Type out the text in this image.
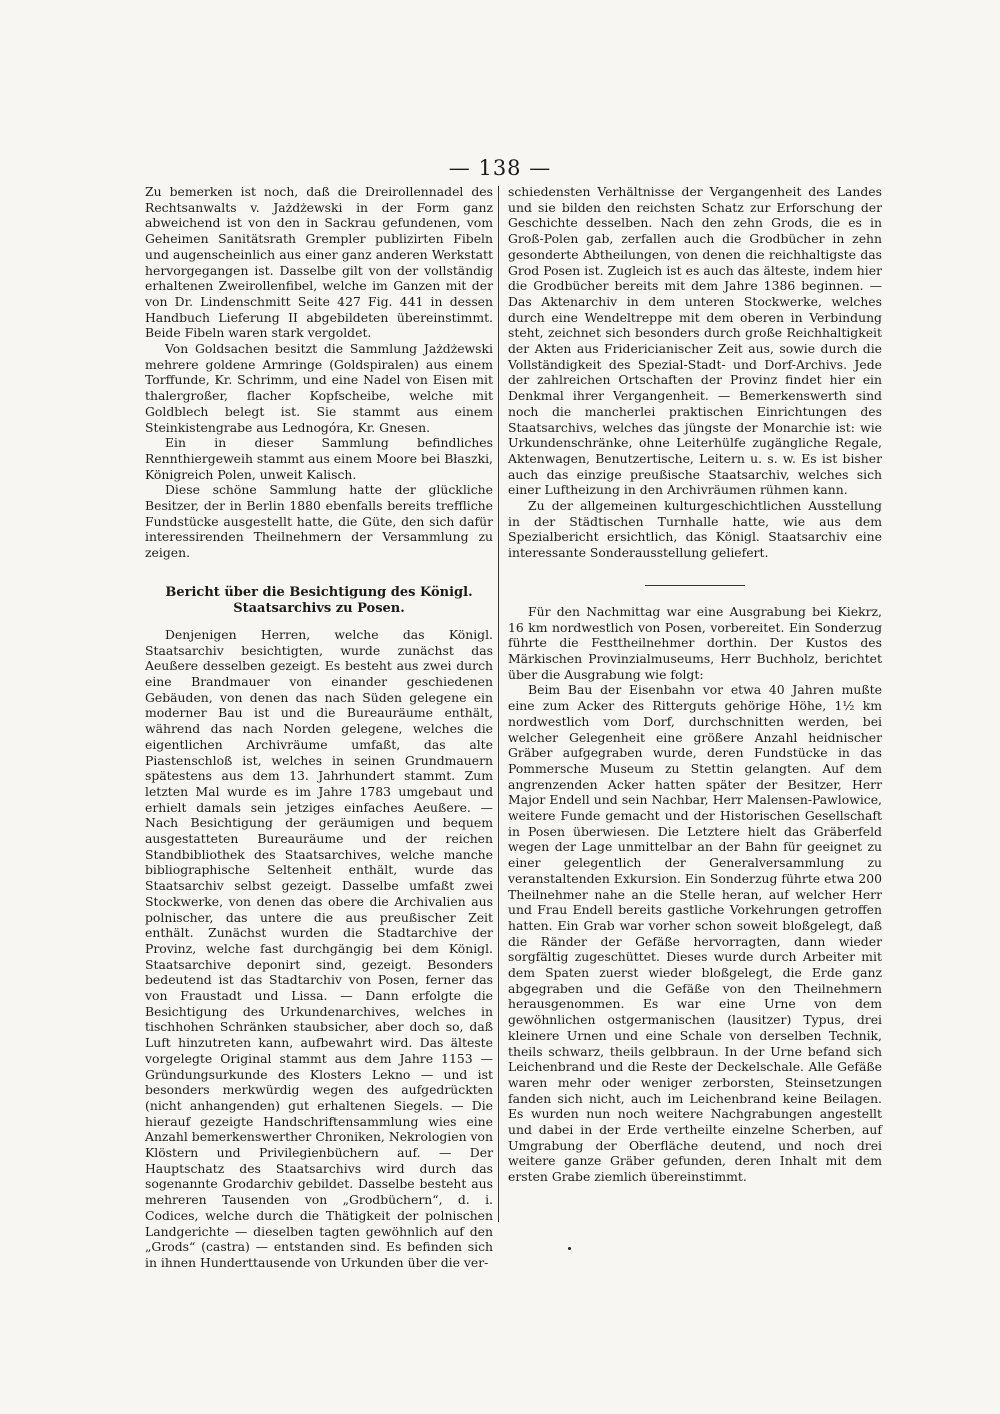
— 138 —

Zu bemerken ist noch, daß die Dreirollennadel des Rechtsanwalts v. Jażdżewski in der Form ganz abweichend ist von den in Sackrau gefundenen, vom Geheimen Sanitätsrath Grempler publizirten Fibeln und augenscheinlich aus einer ganz anderen Werkstatt hervorgegangen ist. Dasselbe gilt von der vollständig erhaltenen Zweirollenfibel, welche im Ganzen mit der von Dr. Lindenschmitt Seite 427 Fig. 441 in dessen Handbuch Lieferung II abgebildeten übereinstimmt. Beide Fibeln waren stark vergoldet.

Von Goldsachen besitzt die Sammlung Jażdżewski mehrere goldene Armringe (Goldspiralen) aus einem Torffunde, Kr. Schrimm, und eine Nadel von Eisen mit thalergroßer, flacher Kopfscheibe, welche mit Goldblech belegt ist. Sie stammt aus einem Steinkistengrabe aus Lednogóra, Kr. Gnesen.

Ein in dieser Sammlung befindliches Rennthiergeweih stammt aus einem Moore bei Błaszki, Königreich Polen, unweit Kalisch.

Diese schöne Sammlung hatte der glückliche Besitzer, der in Berlin 1880 ebenfalls bereits treffliche Fundstücke ausgestellt hatte, die Güte, den sich dafür interessirenden Theilnehmern der Versammlung zu zeigen.

Bericht über die Besichtigung des Königl. Staatsarchivs zu Posen.

Denjenigen Herren, welche das Königl. Staatsarchiv besichtigten, wurde zunächst das Aeußere desselben gezeigt. Es besteht aus zwei durch eine Brandmauer von einander geschiedenen Gebäuden, von denen das nach Süden gelegene ein moderner Bau ist und die Bureauräume enthält, während das nach Norden gelegene, welches die eigentlichen Archivräume umfaßt, das alte Piastenschloß ist, welches in seinen Grundmauern spätestens aus dem 13. Jahrhundert stammt. Zum letzten Mal wurde es im Jahre 1783 umgebaut und erhielt damals sein jetziges einfaches Aeußere. — Nach Besichtigung der geräumigen und bequem ausgestatteten Bureauräume und der reichen Standbibliothek des Staatsarchives, welche manche bibliographische Seltenheit enthält, wurde das Staatsarchiv selbst gezeigt. Dasselbe umfaßt zwei Stockwerke, von denen das obere die Archivalien aus polnischer, das untere die aus preußischer Zeit enthält. Zunächst wurden die Stadtarchive der Provinz, welche fast durchgängig bei dem Königl. Staatsarchive deponirt sind, gezeigt. Besonders bedeutend ist das Stadtarchiv von Posen, ferner das von Fraustadt und Lissa. — Dann erfolgte die Besichtigung des Urkundenarchives, welches in tischhohen Schränken staubsicher, aber doch so, daß Luft hinzutreten kann, aufbewahrt wird. Das älteste vorgelegte Original stammt aus dem Jahre 1153 — Gründungsurkunde des Klosters Lekno — und ist besonders merkwürdig wegen des aufgedrückten (nicht anhangenden) gut erhaltenen Siegels. — Die hierauf gezeigte Handschriftensammlung wies eine Anzahl bemerkenswerther Chroniken, Nekrologien von Klöstern und Privilegienbüchern auf. — Der Hauptschatz des Staatsarchivs wird durch das sogenannte Grodarchiv gebildet. Dasselbe besteht aus mehreren Tausenden von „Grodbüchern“, d. i. Codices, welche durch die Thätigkeit der polnischen Landgerichte — dieselben tagten gewöhnlich auf den „Grods“ (castra) — entstanden sind. Es befinden sich in ihnen Hunderttausende von Urkunden über die ver-

schiedensten Verhältnisse der Vergangenheit des Landes und sie bilden den reichsten Schatz zur Erforschung der Geschichte desselben. Nach den zehn Grods, die es in Groß-Polen gab, zerfallen auch die Grodbücher in zehn gesonderte Abtheilungen, von denen die reichhaltigste das Grod Posen ist. Zugleich ist es auch das älteste, indem hier die Grodbücher bereits mit dem Jahre 1386 beginnen. — Das Aktenarchiv in dem unteren Stockwerke, welches durch eine Wendeltreppe mit dem oberen in Verbindung steht, zeichnet sich besonders durch große Reichhaltigkeit der Akten aus Fridericianischer Zeit aus, sowie durch die Vollständigkeit des Spezial-Stadt- und Dorf-Archivs. Jede der zahlreichen Ortschaften der Provinz findet hier ein Denkmal ihrer Vergangenheit. — Bemerkenswerth sind noch die mancherlei praktischen Einrichtungen des Staatsarchivs, welches das jüngste der Monarchie ist: wie Urkundenschränke, ohne Leiterhülfe zugängliche Regale, Aktenwagen, Benutzertische, Leitern u. s. w. Es ist bisher auch das einzige preußische Staatsarchiv, welches sich einer Luftheizung in den Archivräumen rühmen kann.

Zu der allgemeinen kulturgeschichtlichen Ausstellung in der Städtischen Turnhalle hatte, wie aus dem Spezialbericht ersichtlich, das Königl. Staatsarchiv eine interessante Sonderausstellung geliefert.

Für den Nachmittag war eine Ausgrabung bei Kiekrz, 16 km nordwestlich von Posen, vorbereitet. Ein Sonderzug führte die Festtheilnehmer dorthin. Der Kustos des Märkischen Provinzialmuseums, Herr Buchholz, berichtet über die Ausgrabung wie folgt:

Beim Bau der Eisenbahn vor etwa 40 Jahren mußte eine zum Acker des Ritterguts gehörige Höhe, 1½ km nordwestlich vom Dorf, durchschnitten werden, bei welcher Gelegenheit eine größere Anzahl heidnischer Gräber aufgegraben wurde, deren Fundstücke in das Pommersche Museum zu Stettin gelangten. Auf dem angrenzenden Acker hatten später der Besitzer, Herr Major Endell und sein Nachbar, Herr Malensen-Pawlowice, weitere Funde gemacht und der Historischen Gesellschaft in Posen überwiesen. Die Letztere hielt das Gräberfeld wegen der Lage unmittelbar an der Bahn für geeignet zu einer gelegentlich der Generalversammlung zu veranstaltenden Exkursion. Ein Sonderzug führte etwa 200 Theilnehmer nahe an die Stelle heran, auf welcher Herr und Frau Endell bereits gastliche Vorkehrungen getroffen hatten. Ein Grab war vorher schon soweit bloßgelegt, daß die Ränder der Gefäße hervorragten, dann wieder sorgfältig zugeschüttet. Dieses wurde durch Arbeiter mit dem Spaten zuerst wieder bloßgelegt, die Erde ganz abgegraben und die Gefäße von den Theilnehmern herausgenommen. Es war eine Urne von dem gewöhnlichen ostgermanischen (lausitzer) Typus, drei kleinere Urnen und eine Schale von derselben Technik, theils schwarz, theils gelbbraun. In der Urne befand sich Leichenbrand und die Reste der Deckelschale. Alle Gefäße waren mehr oder weniger zerborsten, Steinsetzungen fanden sich nicht, auch im Leichenbrand keine Beilagen. Es wurden nun noch weitere Nachgrabungen angestellt und dabei in der Erde vertheilte einzelne Scherben, auf Umgrabung der Oberfläche deutend, und noch drei weitere ganze Gräber gefunden, deren Inhalt mit dem ersten Grabe ziemlich übereinstimmt.
